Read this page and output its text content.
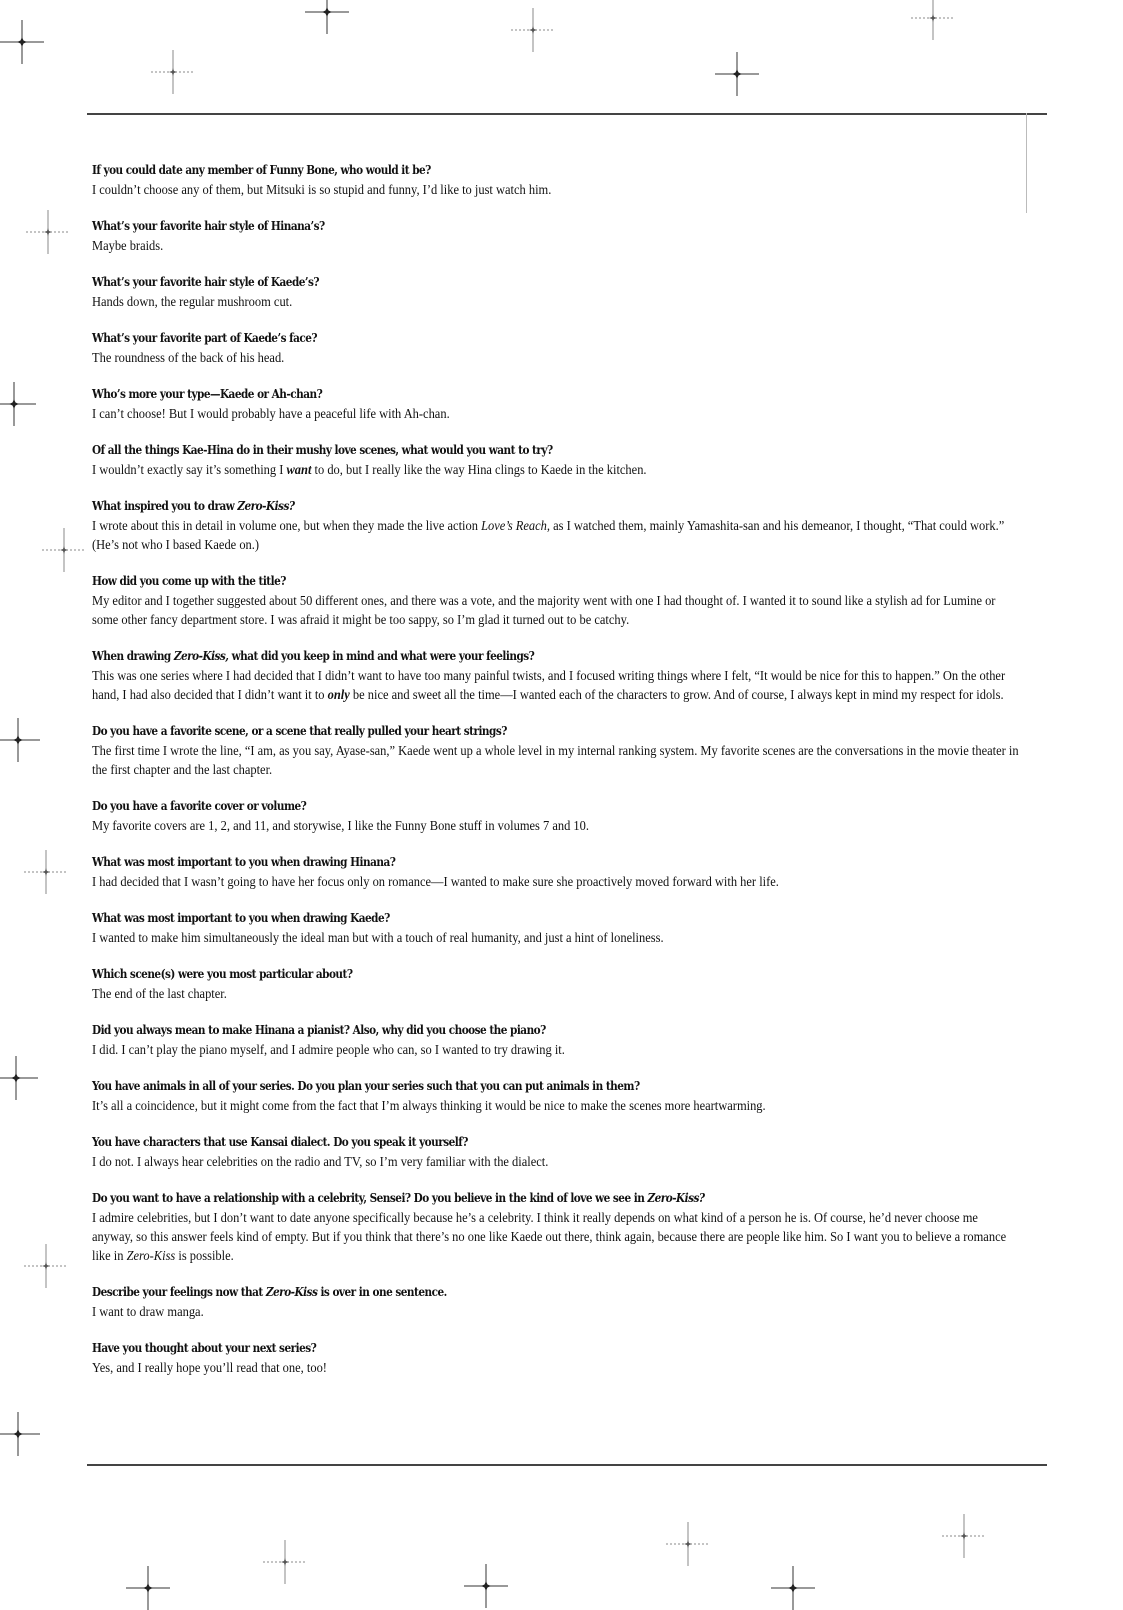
If you could date any member of Funny Bone, who would it be?
I couldn’t choose any of them, but Mitsuki is so stupid and funny, I’d like to just watch him.
What’s your favorite hair style of Hinana’s?
Maybe braids.
What’s your favorite hair style of Kaede’s?
Hands down, the regular mushroom cut.
What’s your favorite part of Kaede’s face?
The roundness of the back of his head.
Who’s more your type—Kaede or Ah-chan?
I can’t choose! But I would probably have a peaceful life with Ah-chan.
Of all the things Kae-Hina do in their mushy love scenes, what would you want to try?
I wouldn’t exactly say it’s something I want to do, but I really like the way Hina clings to Kaede in the kitchen.
What inspired you to draw Zero-Kiss?
I wrote about this in detail in volume one, but when they made the live action Love’s Reach, as I watched them, mainly Yamashita-san and his demeanor, I thought, “That could work.” (He’s not who I based Kaede on.)
How did you come up with the title?
My editor and I together suggested about 50 different ones, and there was a vote, and the majority went with one I had thought of. I wanted it to sound like a stylish ad for Lumine or some other fancy department store. I was afraid it might be too sappy, so I’m glad it turned out to be catchy.
When drawing Zero-Kiss, what did you keep in mind and what were your feelings?
This was one series where I had decided that I didn’t want to have too many painful twists, and I focused writing things where I felt, “It would be nice for this to happen.” On the other hand, I had also decided that I didn’t want it to only be nice and sweet all the time—I wanted each of the characters to grow. And of course, I always kept in mind my respect for idols.
Do you have a favorite scene, or a scene that really pulled your heart strings?
The first time I wrote the line, “I am, as you say, Ayase-san,” Kaede went up a whole level in my internal ranking system. My favorite scenes are the conversations in the movie theater in the first chapter and the last chapter.
Do you have a favorite cover or volume?
My favorite covers are 1, 2, and 11, and storywise, I like the Funny Bone stuff in volumes 7 and 10.
What was most important to you when drawing Hinana?
I had decided that I wasn’t going to have her focus only on romance—I wanted to make sure she proactively moved forward with her life.
What was most important to you when drawing Kaede?
I wanted to make him simultaneously the ideal man but with a touch of real humanity, and just a hint of loneliness.
Which scene(s) were you most particular about?
The end of the last chapter.
Did you always mean to make Hinana a pianist? Also, why did you choose the piano?
I did. I can’t play the piano myself, and I admire people who can, so I wanted to try drawing it.
You have animals in all of your series. Do you plan your series such that you can put animals in them?
It’s all a coincidence, but it might come from the fact that I’m always thinking it would be nice to make the scenes more heartwarming.
You have characters that use Kansai dialect. Do you speak it yourself?
I do not. I always hear celebrities on the radio and TV, so I’m very familiar with the dialect.
Do you want to have a relationship with a celebrity, Sensei? Do you believe in the kind of love we see in Zero-Kiss?
I admire celebrities, but I don’t want to date anyone specifically because he’s a celebrity. I think it really depends on what kind of a person he is. Of course, he’d never choose me anyway, so this answer feels kind of empty. But if you think that there’s no one like Kaede out there, think again, because there are people like him. So I want you to believe a romance like in Zero-Kiss is possible.
Describe your feelings now that Zero-Kiss is over in one sentence.
I want to draw manga.
Have you thought about your next series?
Yes, and I really hope you’ll read that one, too!
